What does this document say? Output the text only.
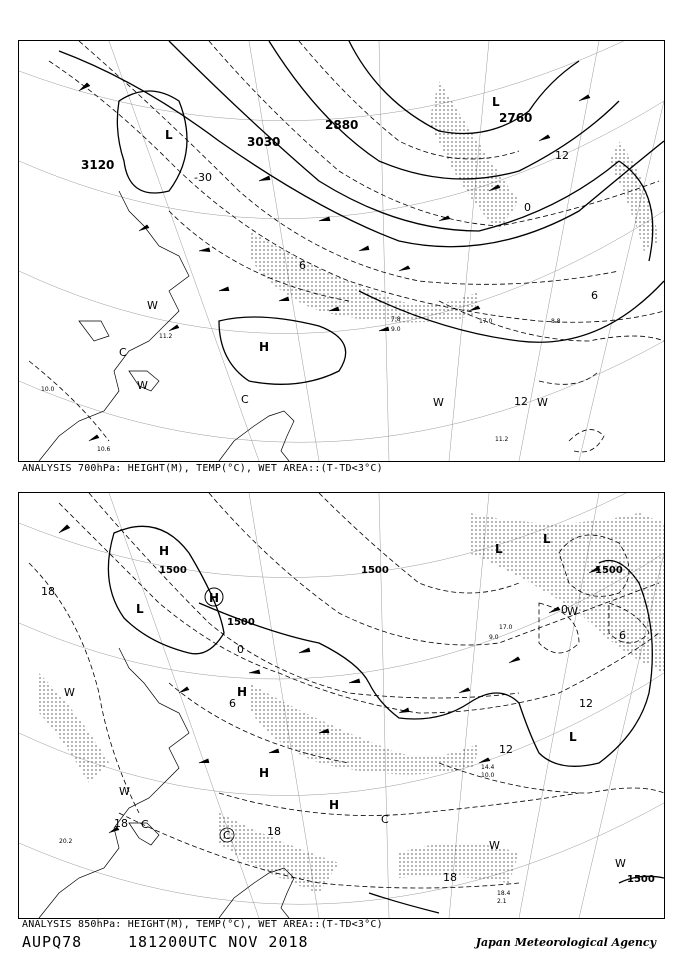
3120
3030
2880	2760
L
L
H
-30
0
6
6
12
12
W
C
W
C	W	W
10.6
11.2
9.0
7.8	8.8
17.0
11.2
10.0
ANALYSIS 700hPa: HEIGHT(M), TEMP(°C), WET AREA::(T-TD<3°C)
1500
1500
1500	1500
1500
H
L
H
L
L
L
H
H
H
18
0
6
12
18
18
18
0
6
12
W
W
C
C
W
C
W
W
14.4
10.0
20.2
18.4
2.1
9.0
17.0
ANALYSIS 850hPa: HEIGHT(M), TEMP(°C), WET AREA::(T-TD<3°C)
AUPQ78	181200UTC NOV 2018	Japan Meteorological Agency
